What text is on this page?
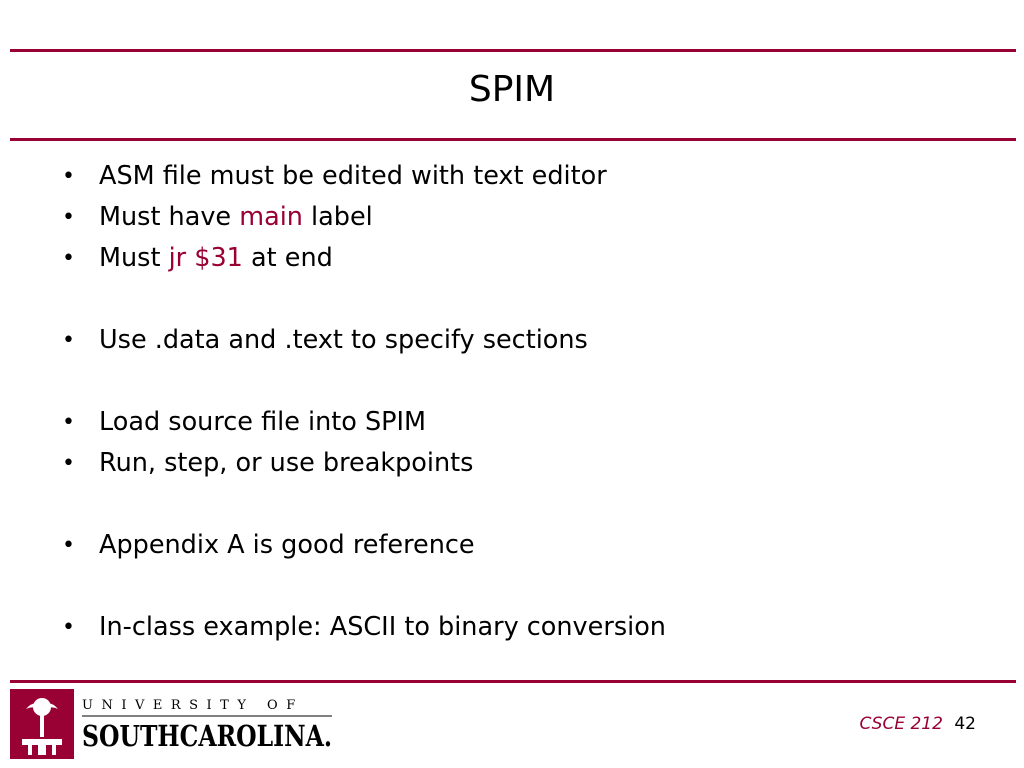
SPIM
• ASM file must be edited with text editor
• Must have main label
• Must jr $31 at end
• Use .data and .text to specify sections
• Load source file into SPIM
• Run, step, or use breakpoints
• Appendix A is good reference
• In-class example: ASCII to binary conversion
UNIVERSITY OF
SOUTHCAROLINA.	CSCE 212 42
